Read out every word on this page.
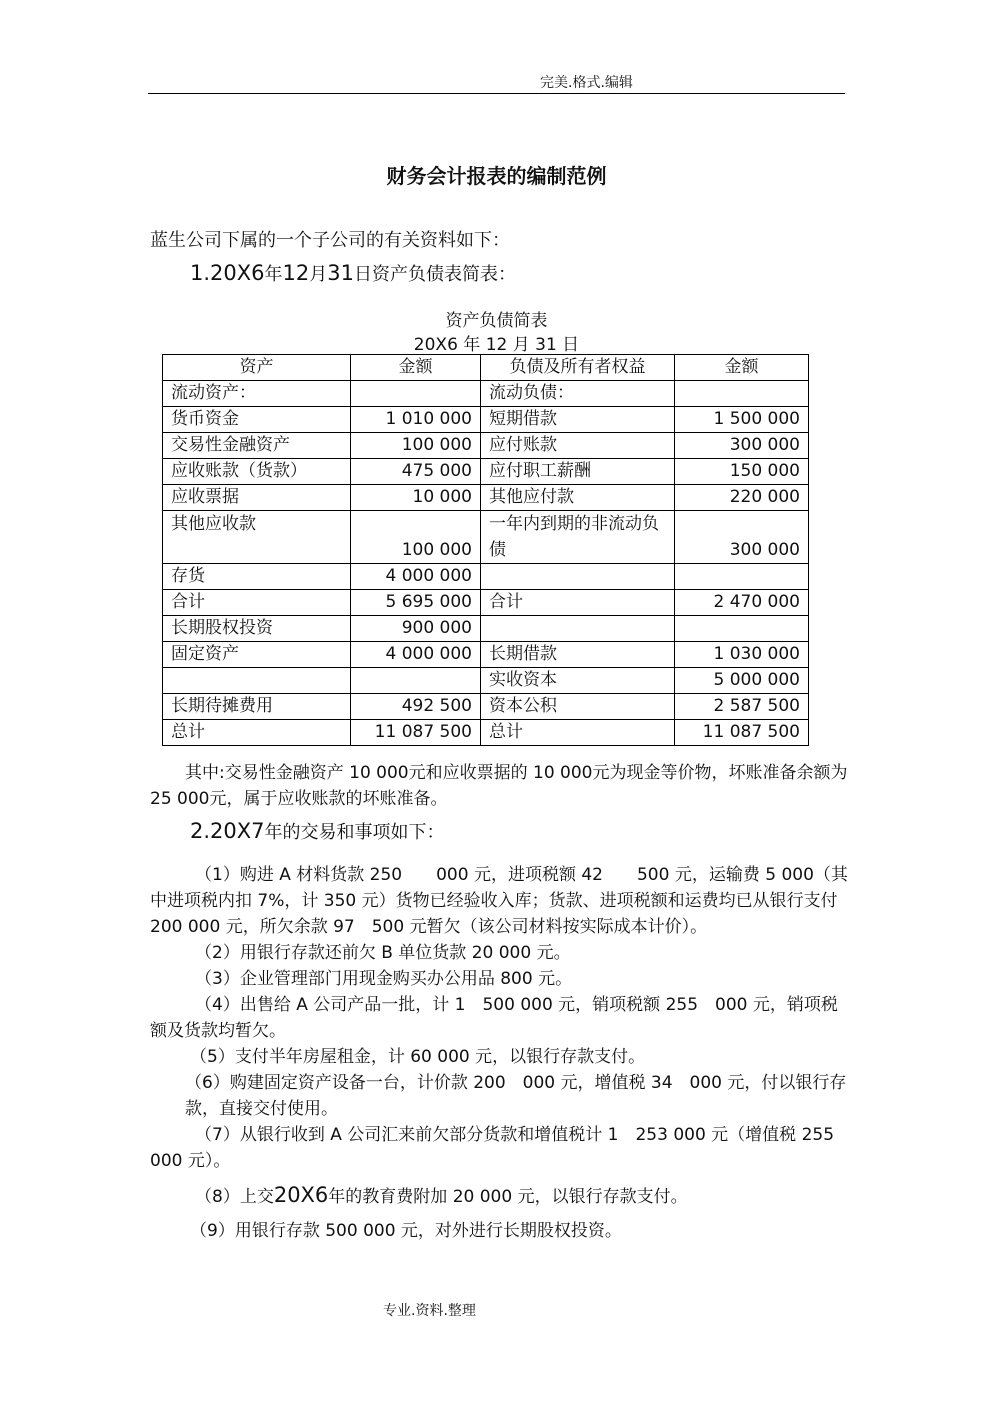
完美.格式.编辑
财务会计报表的编制范例
蓝生公司下属的一个子公司的有关资料如下：
1.20X6年12月31日资产负债表简表：
资产负债简表
20X6 年 12 月 31 日
资产	金额	负债及所有者权益	金额
流动资产：		流动负债：	
货币资金	1 010 000	短期借款	1 500 000
交易性金融资产	100 000	应付账款	300 000
应收账款（货款）	475 000	应付职工薪酬	150 000
应收票据	10 000	其他应付款	220 000
其他应收款	100 000	一年内到期的非流动负债	300 000
存货	4 000 000		
合计	5 695 000	合计	2 470 000
长期股权投资	900 000		
固定资产	4 000 000	长期借款	1 030 000
		实收资本	5 000 000
长期待摊费用	492 500	资本公积	2 587 500
总计	11 087 500	总计	11 087 500
其中:交易性金融资产 10 000元和应收票据的 10 000元为现金等价物，坏账准备余额为 25 000元，属于应收账款的坏账准备。
2.20X7年的交易和事项如下：

（1）购进 A 材料货款 250　　000 元，进项税额 42　　500 元，运输费 5 000（其中进项税内扣 7%，计 350 元）货物已经验收入库；货款、进项税额和运费均已从银行支付 200 000 元，所欠余款 97　500 元暂欠（该公司材料按实际成本计价）。

（2）用银行存款还前欠 B 单位货款 20 000 元。

（3）企业管理部门用现金购买办公用品 800 元。

（4）出售给 A 公司产品一批，计 1　500 000 元，销项税额 255　000 元，销项税额及货款均暂欠。

（5）支付半年房屋租金，计 60 000 元，以银行存款支付。

（6）购建固定资产设备一台，计价款 200　000 元，增值税 34　000 元，付以银行存款，直接交付使用。

（7）从银行收到 A 公司汇来前欠部分货款和增值税计 1　253 000 元（增值税 255 000 元）。

（8）上交20X6年的教育费附加 20 000 元，以银行存款支付。

（9）用银行存款 500 000 元，对外进行长期股权投资。

专业.资料.整理
